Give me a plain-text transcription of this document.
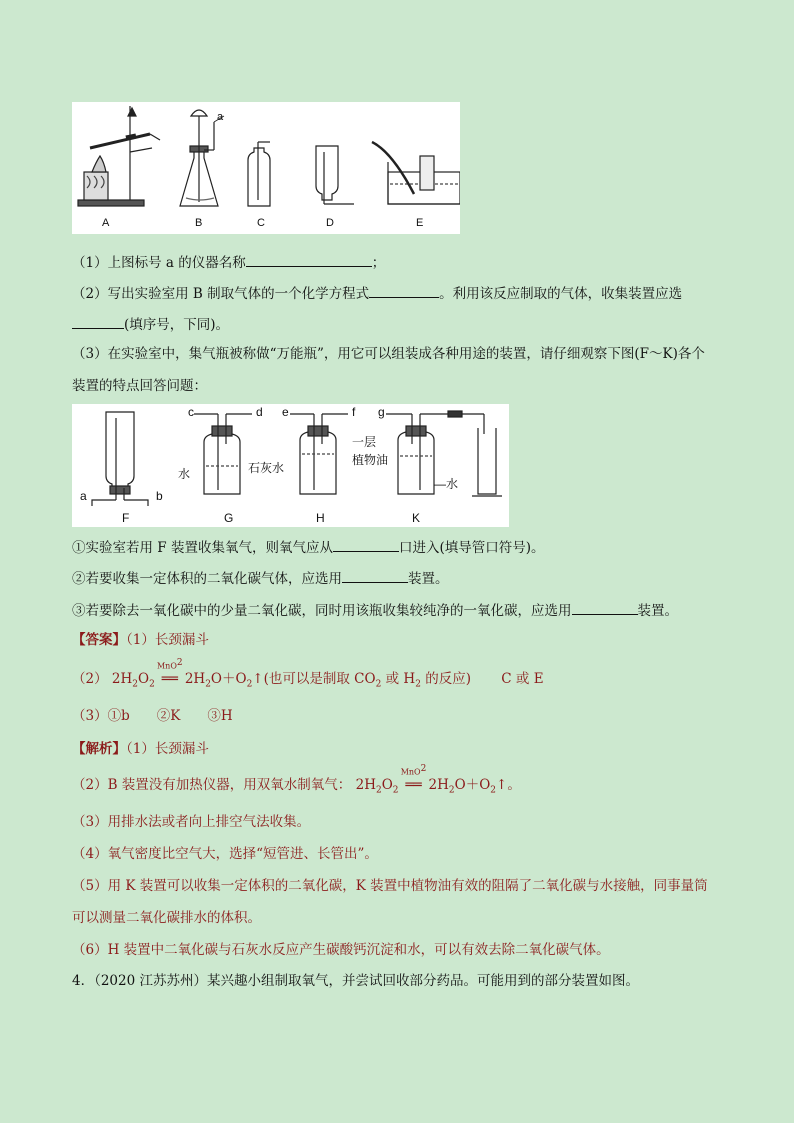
A	B	C	D	E
a
（1）上图标号 a 的仪器名称	；
（2）写出实验室用 B 制取气体的一个化学方程式	。利用该反应制取的气体，收集装置应选
(填序号，下同)。
（3）在实验室中，集气瓶被称做“万能瓶”，用它可以组装成各种用途的装置，请仔细观察下图(F～K)各个
装置的特点回答问题：
F	G	H	K
a	b
c	d e	f g
水	石灰水
一层
植物油
—水
①实验室若用 F 装置收集氧气，则氧气应从	口进入(填导管口符号)。
②若要收集一定体积的二氧化碳气体，应选用	装置。
③若要除去一氧化碳中的少量二氧化碳，同时用该瓶收集较纯净的一氧化碳，应选用	装置。
【答案】（1）长颈漏斗
（2） $2H_2O_2$
MnO$^2$
══ $2H_2O+O_2↑$(也可以是制取 $CO_2$ 或 $H_2$ 的反应) C 或 E
（3）①b　　②K　　③H
【解析】（1）长颈漏斗
（2）B 装置没有加热仪器，用双氧水制氧气： $2H_2O_2$
MnO$^2$
══ $2H_2O+O_2↑$。
（3）用排水法或者向上排空气法收集。
（4）氧气密度比空气大，选择“短管进、长管出”。
（5）用 K 装置可以收集一定体积的二氧化碳，K 装置中植物油有效的阻隔了二氧化碳与水接触，同事量筒
可以测量二氧化碳排水的体积。
（6）H 装置中二氧化碳与石灰水反应产生碳酸钙沉淀和水，可以有效去除二氧化碳气体。
4．（2020 江苏苏州）某兴趣小组制取氧气，并尝试回收部分药品。可能用到的部分装置如图。
